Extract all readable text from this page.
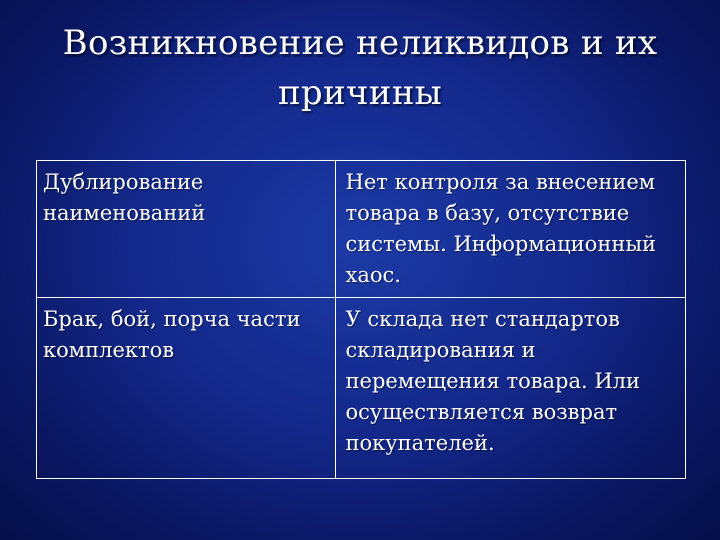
Возникновение неликвидов и их причины
Дублирование наименований	Нет контроля за внесением товара в базу, отсутствие системы. Информационный хаос.
Брак, бой, порча части комплектов	У склада нет стандартов складирования и перемещения товара. Или осуществляется возврат покупателей.
